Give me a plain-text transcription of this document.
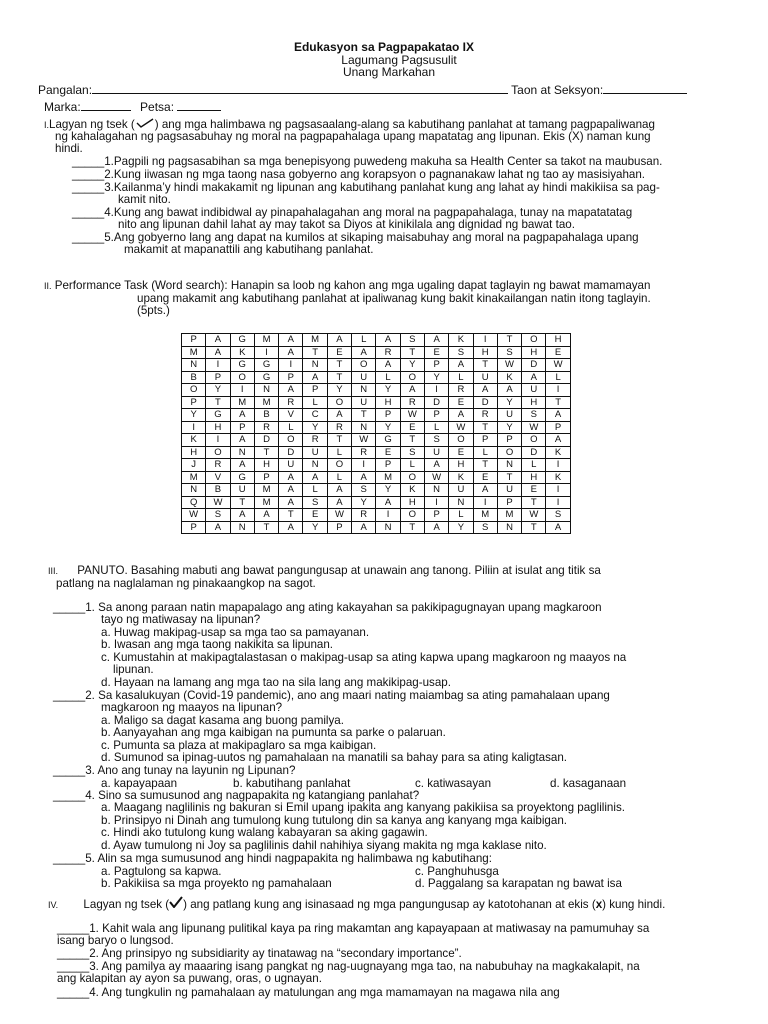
Edukasyon sa Pagpapakatao IX
Lagumang Pagsusulit
Unang Markahan
Pangalan:	Taon at Seksyon:
Marka:	Petsa:
I.Lagyan ng tsek ( ) ang mga halimbawa ng pagsasaalang-alang sa kabutihang panlahat at tamang pagpapaliwanag
ng kahalagahan ng pagsasabuhay ng moral na pagpapahalaga upang mapatatag ang lipunan. Ekis (X) naman kung
hindi.
_____1.Pagpili ng pagsasabihan sa mga benepisyong puwedeng makuha sa Health Center sa takot na maubusan.
_____2.Kung iiwasan ng mga taong nasa gobyerno ang korapsyon o pagnanakaw lahat ng tao ay masisiyahan.
_____3.Kailanma’y hindi makakamit ng lipunan ang kabutihang panlahat kung ang lahat ay hindi makikiisa sa pag-
kamit nito.
_____4.Kung ang bawat indibidwal ay pinapahalagahan ang moral na pagpapahalaga, tunay na mapatatatag
nito ang lipunan dahil lahat ay may takot sa Diyos at kinikilala ang dignidad ng bawat tao.
_____5.Ang gobyerno lang ang dapat na kumilos at sikaping maisabuhay ang moral na pagpapahalaga upang
makamit at mapanattili ang kabutihang panlahat.
II. Performance Task (Word search): Hanapin sa loob ng kahon ang mga ugaling dapat taglayin ng bawat mamamayan
upang makamit ang kabutihang panlahat at ipaliwanag kung bakit kinakailangan natin itong taglayin.
(5pts.)
P	A	G	M	A	M	A	L	A	S	A	K	I	T	O	H
M	A	K	I	A	T	E	A	R	T	E	S	H	S	H	E
N	I	G	G	I	N	T	O	A	Y	P	A	T	W	D	W
B	P	O	G	P	A	T	U	L	O	Y	L	U	K	A	L
O	Y	I	N	A	P	Y	N	Y	A	I	R	A	A	U	I
P	T	M	M	R	L	O	U	H	R	D	E	D	Y	H	T
Y	G	A	B	V	C	A	T	P	W	P	A	R	U	S	A
I	H	P	R	L	Y	R	N	Y	E	L	W	T	Y	W	P
K	I	A	D	O	R	T	W	G	T	S	O	P	P	O	A
H	O	N	T	D	U	L	R	E	S	U	E	L	O	D	K
J	R	A	H	U	N	O	I	P	L	A	H	T	N	L	I
M	V	G	P	A	A	L	A	M	O	W	K	E	T	H	K
N	B	U	M	A	L	A	S	Y	K	N	U	A	U	E	I
Q	W	T	M	A	S	A	Y	A	H	I	N	I	P	T	I
W	S	A	A	T	E	W	R	I	O	P	L	M	M	W	S
P	A	N	T	A	Y	P	A	N	T	A	Y	S	N	T	A
III. PANUTO. Basahing mabuti ang bawat pangungusap at unawain ang tanong. Piliin at isulat ang titik sa
patlang na naglalaman ng pinakaangkop na sagot.
_____1. Sa anong paraan natin mapapalago ang ating kakayahan sa pakikipagugnayan upang magkaroon
tayo ng matiwasay na lipunan?
a. Huwag makipag-usap sa mga tao sa pamayanan.
b. Iwasan ang mga taong nakikita sa lipunan.
c. Kumustahin at makipagtalastasan o makipag-usap sa ating kapwa upang magkaroon ng maayos na
lipunan.
d. Hayaan na lamang ang mga tao na sila lang ang makikipag-usap.
_____2. Sa kasalukuyan (Covid-19 pandemic), ano ang maari nating maiambag sa ating pamahalaan upang
magkaroon ng maayos na lipunan?
a. Maligo sa dagat kasama ang buong pamilya.
b. Aanyayahan ang mga kaibigan na pumunta sa parke o palaruan.
c. Pumunta sa plaza at makipaglaro sa mga kaibigan.
d. Sumunod sa ipinag-uutos ng pamahalaan na manatili sa bahay para sa ating kaligtasan.
_____3. Ano ang tunay na layunin ng Lipunan?
a. kapayapaan	b. kabutihang panlahat	c. katiwasayan	d. kasaganaan
_____4. Sino sa sumusunod ang nagpapakita ng katangiang panlahat?
a. Maagang naglilinis ng bakuran si Emil upang ipakita ang kanyang pakikiisa sa proyektong paglilinis.
b. Prinsipyo ni Dinah ang tumulong kung tutulong din sa kanya ang kanyang mga kaibigan.
c. Hindi ako tutulong kung walang kabayaran sa aking gagawin.
d. Ayaw tumulong ni Joy sa paglilinis dahil nahihiya siyang makita ng mga kaklase nito.
_____5. Alin sa mga sumusunod ang hindi nagpapakita ng halimbawa ng kabutihang:
a. Pagtulong sa kapwa.
b. Pakikiisa sa mga proyekto ng pamahalaan
c. Panghuhusga
d. Paggalang sa karapatan ng bawat isa
IV. Lagyan ng tsek ( ) ang patlang kung ang isinasaad ng mga pangungusap ay katotohanan at ekis (x) kung hindi.
_____1. Kahit wala ang lipunang pulitikal kaya pa ring makamtan ang kapayapaan at matiwasay na pamumuhay sa
isang baryo o lungsod.
_____2. Ang prinsipyo ng subsidiarity ay tinatawag na “secondary importance”.
_____3. Ang pamilya ay maaaring isang pangkat ng nag-uugnayang mga tao, na nabubuhay na magkakalapit, na
ang kalapitan ay ayon sa puwang, oras, o ugnayan.
_____4. Ang tungkulin ng pamahalaan ay matulungan ang mga mamamayan na magawa nila ang
